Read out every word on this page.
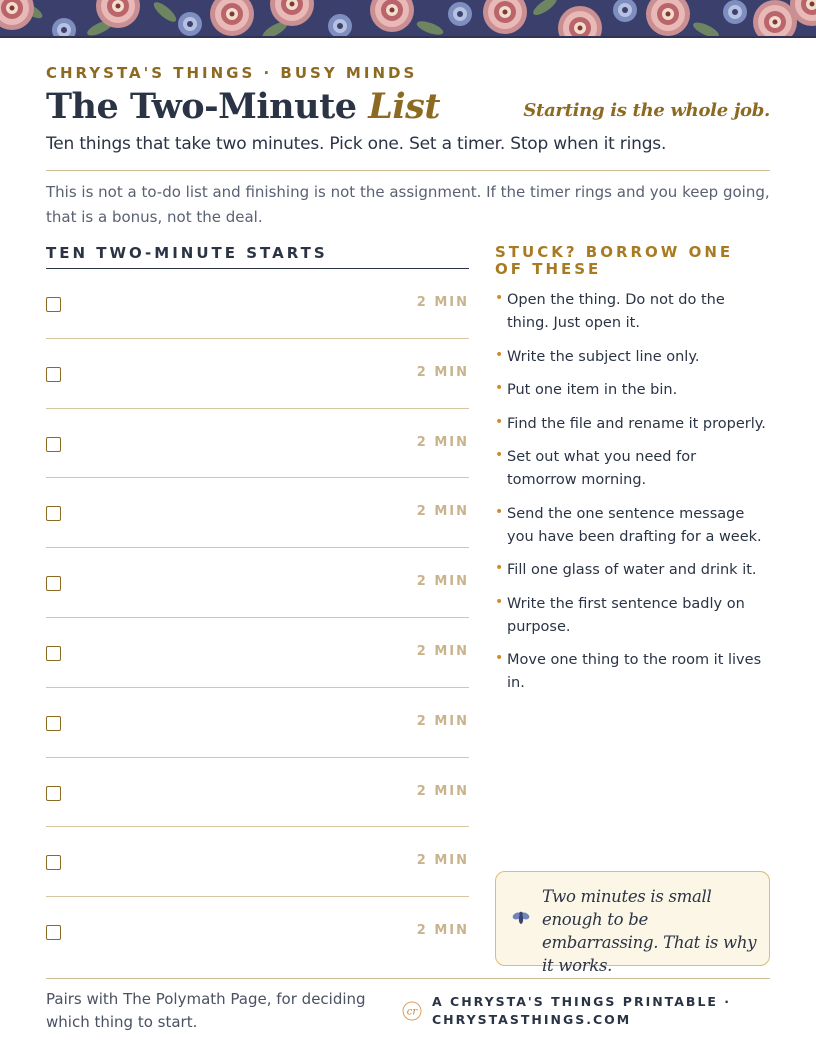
CHRYSTA'S THINGS · BUSY MINDS
The Two-Minute List	Starting is the whole job.
Ten things that take two minutes. Pick one. Set a timer. Stop when it rings.

This is not a to-do list and finishing is not the assignment. If the timer rings and you keep going, that is a bonus, not the deal.

TEN TWO-MINUTE STARTS
2 MIN
2 MIN
2 MIN
2 MIN
2 MIN
2 MIN
2 MIN
2 MIN
2 MIN
2 MIN
STUCK? BORROW ONE OF THESE
• Open the thing. Do not do the thing. Just open it.
• Write the subject line only.
• Put one item in the bin.
• Find the file and rename it properly.
• Set out what you need for tomorrow morning.
• Send the one sentence message you have been drafting for a week.
• Fill one glass of water and drink it.
• Write the first sentence badly on purpose.
• Move one thing to the room it lives in.

Two minutes is small enough to be embarrassing. That is why it works.

Pairs with The Polymath Page, for deciding which thing to start.

cr
A CHRYSTA'S THINGS PRINTABLE ·
CHRYSTASTHINGS.COM
